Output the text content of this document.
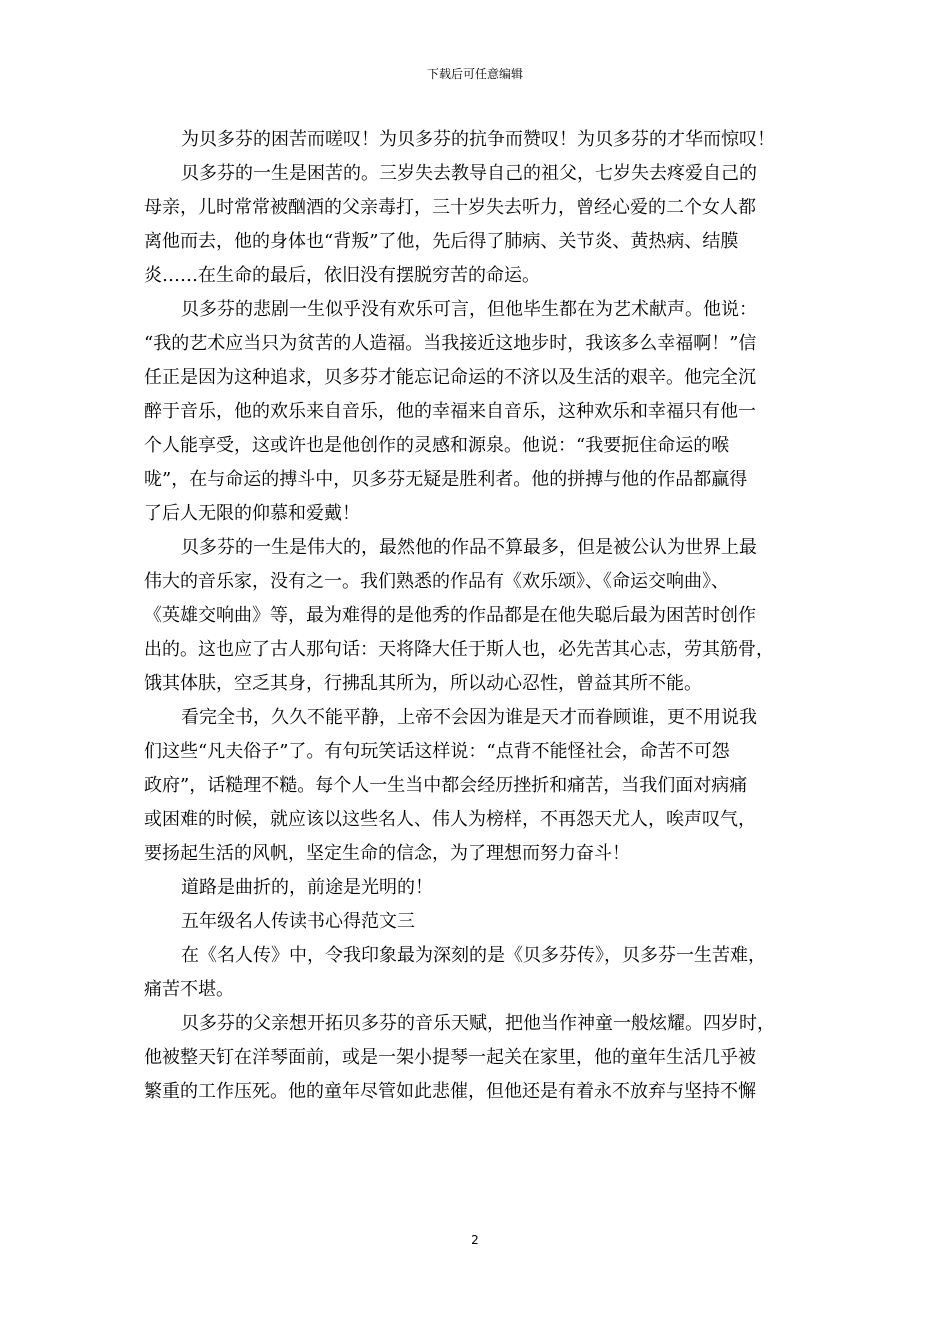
下载后可任意编辑
为贝多芬的困苦而嗟叹！为贝多芬的抗争而赞叹！为贝多芬的才华而惊叹！
贝多芬的一生是困苦的。三岁失去教导自己的祖父，七岁失去疼爱自己的
母亲，儿时常常被酗酒的父亲毒打，三十岁失去听力，曾经心爱的二个女人都
离他而去，他的身体也“背叛”了他，先后得了肺病、关节炎、黄热病、结膜
炎……在生命的最后，依旧没有摆脱穷苦的命运。
贝多芬的悲剧一生似乎没有欢乐可言，但他毕生都在为艺术献声。他说：
“我的艺术应当只为贫苦的人造福。当我接近这地步时，我该多么幸福啊！”信
任正是因为这种追求，贝多芬才能忘记命运的不济以及生活的艰辛。他完全沉
醉于音乐，他的欢乐来自音乐，他的幸福来自音乐，这种欢乐和幸福只有他一
个人能享受，这或许也是他创作的灵感和源泉。他说：“我要扼住命运的喉
咙”，在与命运的搏斗中，贝多芬无疑是胜利者。他的拼搏与他的作品都赢得
了后人无限的仰慕和爱戴！
贝多芬的一生是伟大的，最然他的作品不算最多，但是被公认为世界上最
伟大的音乐家，没有之一。我们熟悉的作品有《欢乐颂》、《命运交响曲》、
《英雄交响曲》等，最为难得的是他秀的作品都是在他失聪后最为困苦时创作
出的。这也应了古人那句话：天将降大任于斯人也，必先苦其心志，劳其筋骨，
饿其体肤，空乏其身，行拂乱其所为，所以动心忍性，曾益其所不能。
看完全书，久久不能平静，上帝不会因为谁是天才而眷顾谁，更不用说我
们这些“凡夫俗子”了。有句玩笑话这样说：“点背不能怪社会，命苦不可怨
政府”，话糙理不糙。每个人一生当中都会经历挫折和痛苦，当我们面对病痛
或困难的时候，就应该以这些名人、伟人为榜样，不再怨天尤人，唉声叹气，
要扬起生活的风帆，坚定生命的信念，为了理想而努力奋斗！
道路是曲折的，前途是光明的！
五年级名人传读书心得范文三
在《名人传》中，令我印象最为深刻的是《贝多芬传》，贝多芬一生苦难，
痛苦不堪。
贝多芬的父亲想开拓贝多芬的音乐天赋，把他当作神童一般炫耀。四岁时，
他被整天钉在洋琴面前，或是一架小提琴一起关在家里，他的童年生活几乎被
繁重的工作压死。他的童年尽管如此悲催，但他还是有着永不放弃与坚持不懈
2
